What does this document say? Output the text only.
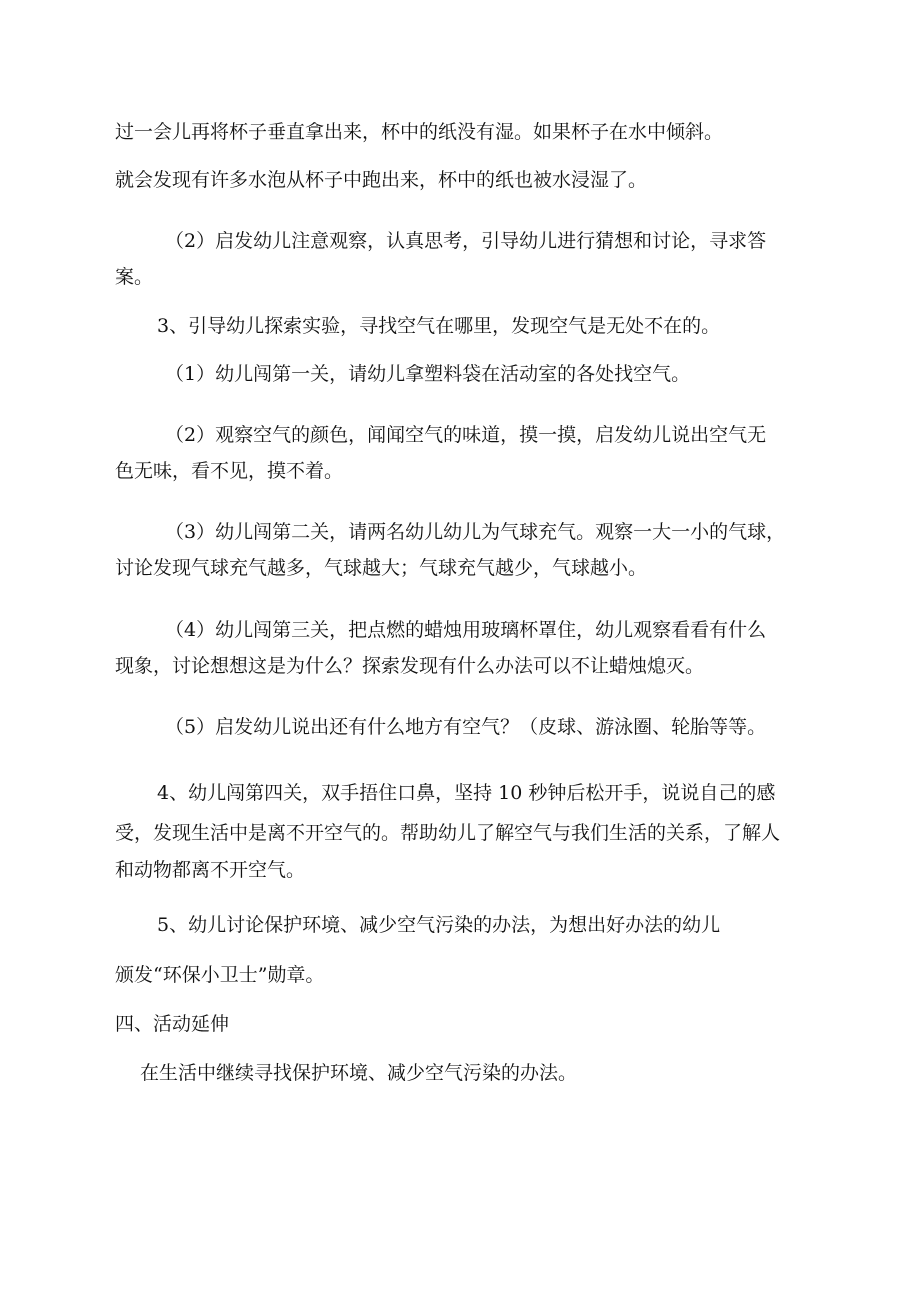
过一会儿再将杯子垂直拿出来，杯中的纸没有湿。如果杯子在水中倾斜。

就会发现有许多水泡从杯子中跑出来，杯中的纸也被水浸湿了。

（2）启发幼儿注意观察，认真思考，引导幼儿进行猜想和讨论，寻求答

案。

3、引导幼儿探索实验，寻找空气在哪里，发现空气是无处不在的。

（1）幼儿闯第一关，请幼儿拿塑料袋在活动室的各处找空气。

（2）观察空气的颜色，闻闻空气的味道，摸一摸，启发幼儿说出空气无

色无味，看不见，摸不着。

（3）幼儿闯第二关，请两名幼儿幼儿为气球充气。观察一大一小的气球，

讨论发现气球充气越多，气球越大；气球充气越少，气球越小。

（4）幼儿闯第三关，把点燃的蜡烛用玻璃杯罩住，幼儿观察看看有什么

现象，讨论想想这是为什么？探索发现有什么办法可以不让蜡烛熄灭。

（5）启发幼儿说出还有什么地方有空气？（皮球、游泳圈、轮胎等等。

4、幼儿闯第四关，双手捂住口鼻，坚持 10 秒钟后松开手，说说自己的感

受，发现生活中是离不开空气的。帮助幼儿了解空气与我们生活的关系，了解人

和动物都离不开空气。

5、幼儿讨论保护环境、减少空气污染的办法，为想出好办法的幼儿

颁发“环保小卫士”勋章。

四、活动延伸

在生活中继续寻找保护环境、减少空气污染的办法。
